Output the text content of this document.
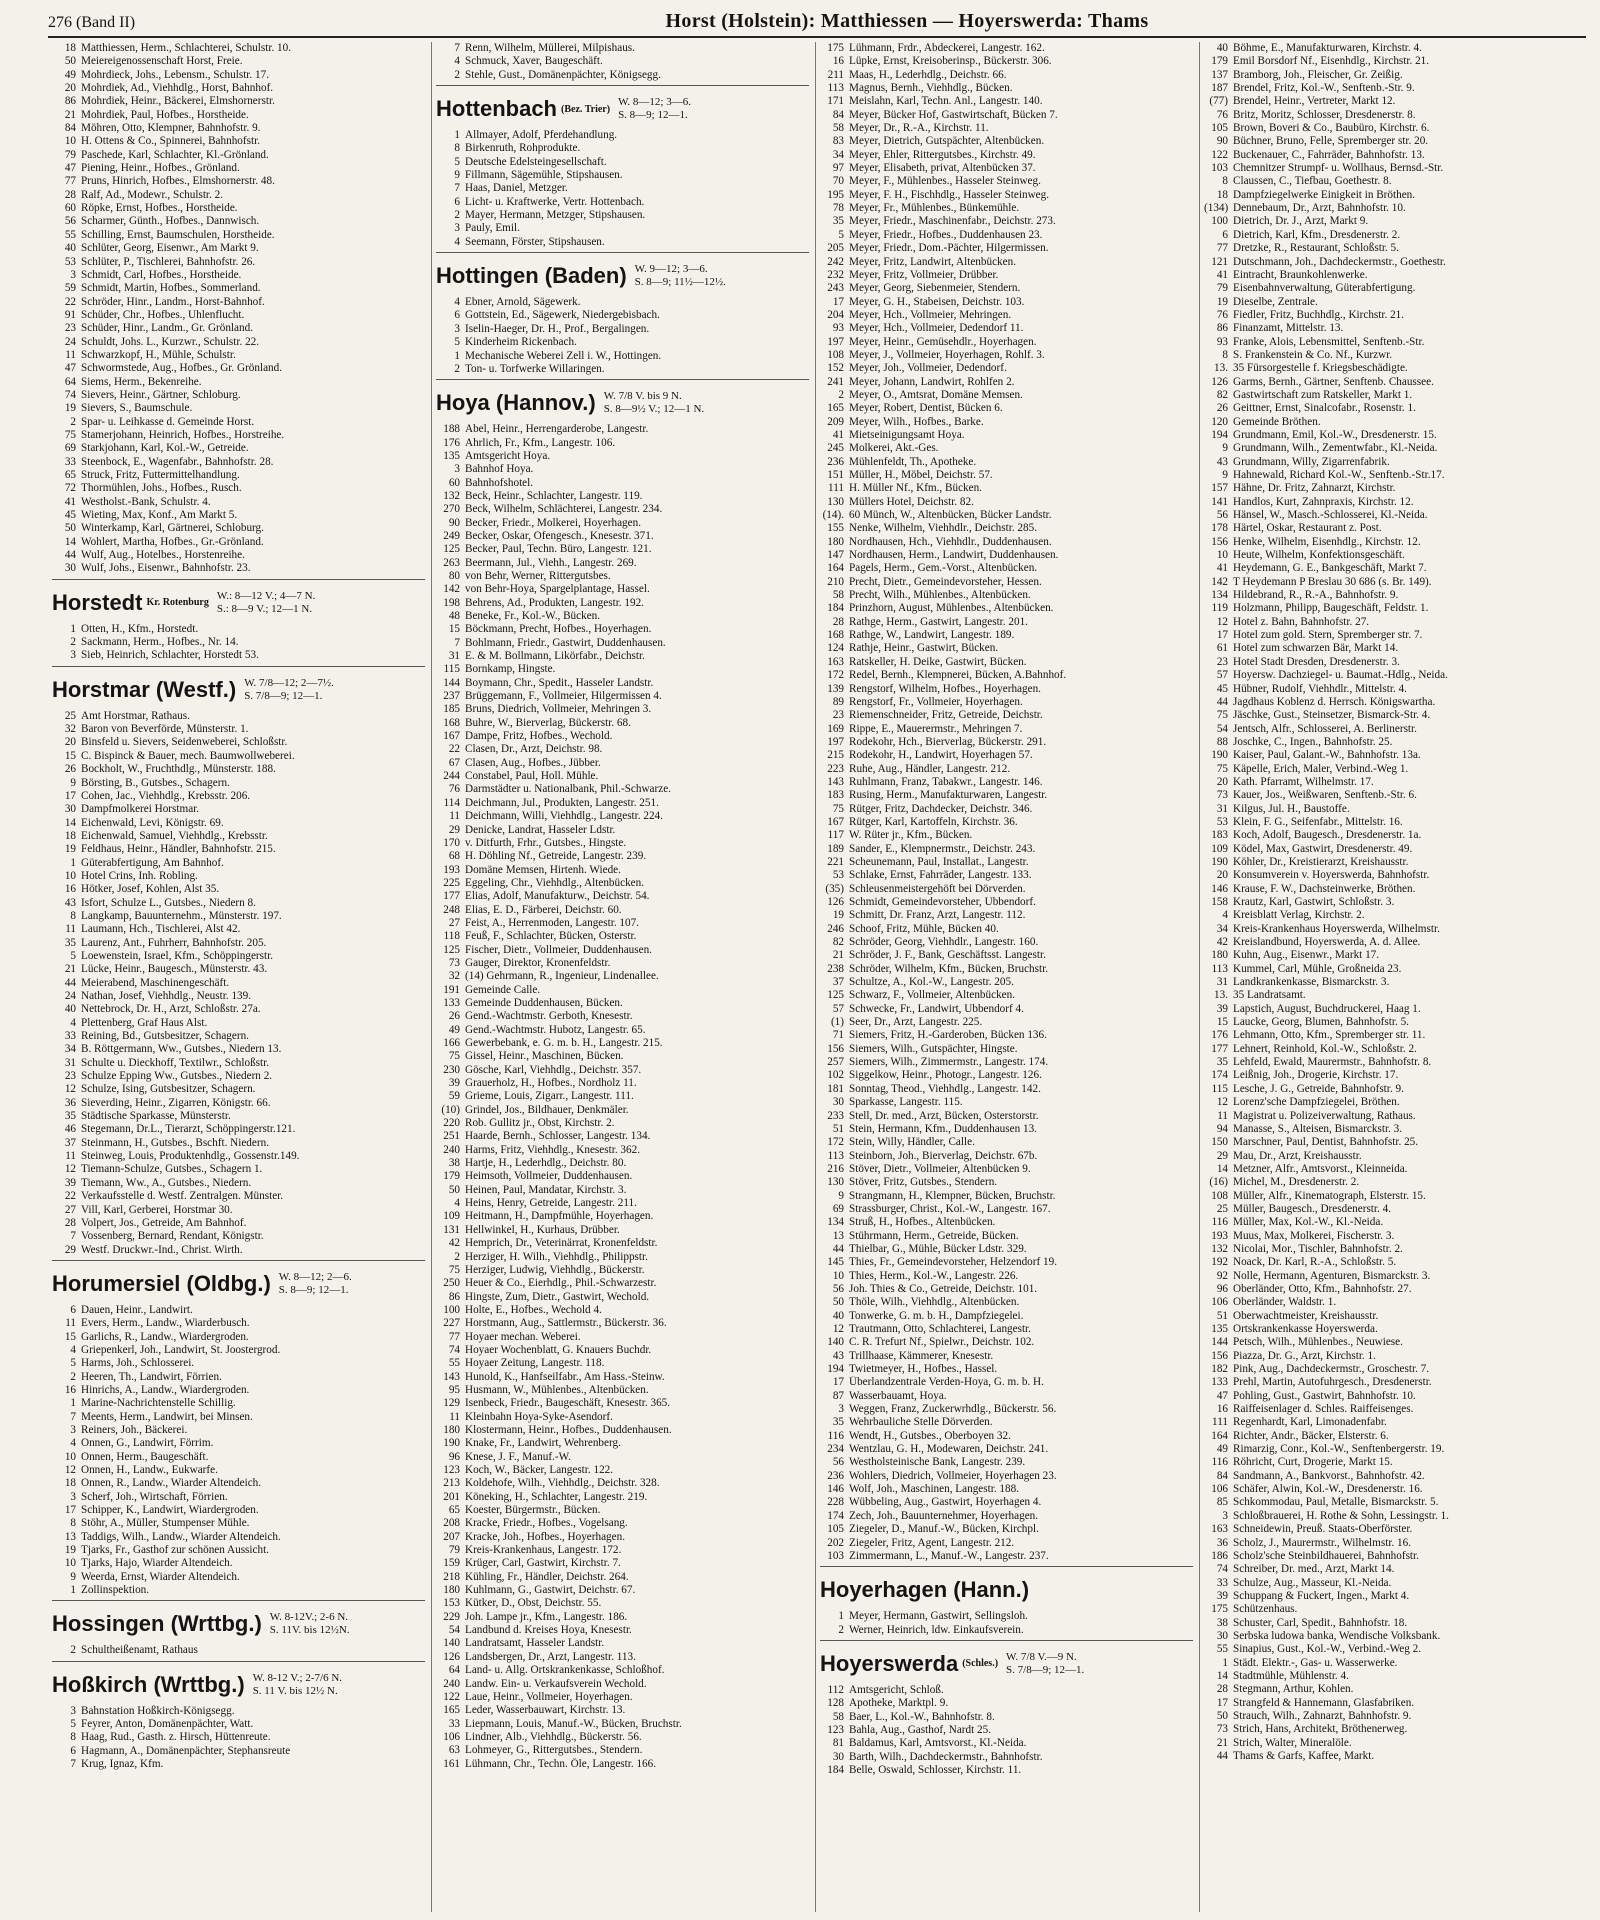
276 (Band II)	Horst (Holstein): Matthiessen — Hoyerswerda: Thams
18 Matthiessen, Herm., Schlachterei, Schulstr. 10.
50 Meiereigenossenschaft Horst, Freie.
49 Mohrdieck, Johs., Lebensm., Schulstr. 17.
20 Mohrdiek, Ad., Viehhdlg., Horst, Bahnhof.
86 Mohrdiek, Heinr., Bäckerei, Elmshornerstr.
21 Mohrdiek, Paul, Hofbes., Horstheide.
84 Möhren, Otto, Klempner, Bahnhofstr. 9.
10 H. Ottens & Co., Spinnerei, Bahnhofstr.
79 Paschede, Karl, Schlachter, Kl.-Grönland.
47 Piening, Heinr., Hofbes., Grönland.
77 Pruns, Hinrich, Hofbes., Elmshornerstr. 48.
28 Ralf, Ad., Modewr., Schulstr. 2.
60 Röpke, Ernst, Hofbes., Horstheide.
56 Scharmer, Günth., Hofbes., Dannwisch.
55 Schilling, Ernst, Baumschulen, Horstheide.
40 Schlüter, Georg, Eisenwr., Am Markt 9.
53 Schlüter, P., Tischlerei, Bahnhofstr. 26.
3 Schmidt, Carl, Hofbes., Horstheide.
59 Schmidt, Martin, Hofbes., Sommerland.
22 Schröder, Hinr., Landm., Horst-Bahnhof.
91 Schüder, Chr., Hofbes., Uhlenflucht.
23 Schüder, Hinr., Landm., Gr. Grönland.
24 Schuldt, Johs. L., Kurzwr., Schulstr. 22.
11 Schwarzkopf, H., Mühle, Schulstr.
47 Schwormstede, Aug., Hofbes., Gr. Grönland.
64 Siems, Herm., Bekenreihe.
74 Sievers, Heinr., Gärtner, Schloburg.
19 Sievers, S., Baumschule.
2 Spar- u. Leihkasse d. Gemeinde Horst.
75 Stamerjohann, Heinrich, Hofbes., Horstreihe.
69 Starkjohann, Karl, Kol.-W., Getreide.
33 Steenbock, E., Wagenfabr., Bahnhofstr. 28.
65 Struck, Fritz, Futtermittelhandlung.
72 Thormühlen, Johs., Hofbes., Rusch.
41 Westholst.-Bank, Schulstr. 4.
45 Wieting, Max, Konf., Am Markt 5.
50 Winterkamp, Karl, Gärtnerei, Schloburg.
14 Wohlert, Martha, Hofbes., Gr.-Grönland.
44 Wulf, Aug., Hotelbes., Horstenreihe.
30 Wulf, Johs., Eisenwr., Bahnhofstr. 23.
Horstedt Kr. Rotenburg
W.: 8—12 V.; 4—7 N.
S.: 8—9 V.; 12—1 N.
1 Otten, H., Kfm., Horstedt.
2 Sackmann, Herm., Hofbes., Nr. 14.
3 Sieb, Heinrich, Schlachter, Horstedt 53.
Horstmar (Westf.) W. 7/8—12; 2—7½.
S. 7/8—9; 12—1.
25 Amt Horstmar, Rathaus.
32 Baron von Beverförde, Münsterstr. 1.
20 Binsfeld u. Sievers, Seidenweberei, Schloßstr.
15 C. Bispinck & Bauer, mech. Baumwollweberei.
26 Bockholt, W., Fruchthdlg., Münsterstr. 188.
9 Börsting, B., Gutsbes., Schagern.
17 Cohen, Jac., Viehhdlg., Krebsstr. 206.
30 Dampfmolkerei Horstmar.
14 Eichenwald, Levi, Königstr. 69.
18 Eichenwald, Samuel, Viehhdlg., Krebsstr.
19 Feldhaus, Heinr., Händler, Bahnhofstr. 215.
1 Güterabfertigung, Am Bahnhof.
10 Hotel Crins, Inh. Robling.
16 Hötker, Josef, Kohlen, Alst 35.
43 Isfort, Schulze L., Gutsbes., Niedern 8.
8 Langkamp, Bauunternehm., Münsterstr. 197.
11 Laumann, Hch., Tischlerei, Alst 42.
35 Laurenz, Ant., Fuhrherr, Bahnhofstr. 205.
5 Loewenstein, Israel, Kfm., Schöppingerstr.
21 Lücke, Heinr., Baugesch., Münsterstr. 43.
44 Meierabend, Maschinengeschäft.
24 Nathan, Josef, Viehhdlg., Neustr. 139.
40 Nettebrock, Dr. H., Arzt, Schloßstr. 27a.
4 Plettenberg, Graf Haus Alst.
33 Reining, Bd., Gutsbesitzer, Schagern.
34 B. Röttgermann, Ww., Gutsbes., Niedern 13.
31 Schulte u. Dieckhoff, Textilwr., Schloßstr.
23 Schulze Epping Ww., Gutsbes., Niedern 2.
12 Schulze, Ising, Gutsbesitzer, Schagern.
36 Sieverding, Heinr., Zigarren, Königstr. 66.
35 Städtische Sparkasse, Münsterstr.
46 Stegemann, Dr.L., Tierarzt, Schöppingerstr.121.
37 Steinmann, H., Gutsbes., Bschft. Niedern.
11 Steinweg, Louis, Produktenhdlg., Gossenstr.149.
12 Tiemann-Schulze, Gutsbes., Schagern 1.
39 Tiemann, Ww., A., Gutsbes., Niedern.
22 Verkaufsstelle d. Westf. Zentralgen. Münster.
27 Vill, Karl, Gerberei, Horstmar 30.
28 Volpert, Jos., Getreide, Am Bahnhof.
7 Vossenberg, Bernard, Rendant, Königstr.
29 Westf. Druckwr.-Ind., Christ. Wirth.
Horumersiel (Oldbg.) W. 8—12; 2—6.
S. 8—9; 12—1.
6 Dauen, Heinr., Landwirt.
11 Evers, Herm., Landw., Wiarderbusch.
15 Garlichs, R., Landw., Wiardergroden.
4 Griepenkerl, Joh., Landwirt, St. Joostergrod.
5 Harms, Joh., Schlosserei.
2 Heeren, Th., Landwirt, Förrien.
16 Hinrichs, A., Landw., Wiardergroden.
1 Marine-Nachrichtenstelle Schillig.
7 Meents, Herm., Landwirt, bei Minsen.
3 Reiners, Joh., Bäckerei.
4 Onnen, G., Landwirt, Förrim.
10 Onnen, Herm., Baugeschäft.
12 Onnen, H., Landw., Eukwarfe.
18 Onnen, R., Landw., Wiarder Altendeich.
3 Scherf, Joh., Wirtschaft, Förrien.
17 Schipper, K., Landwirt, Wiardergroden.
8 Stöhr, A., Müller, Stumpenser Mühle.
13 Taddigs, Wilh., Landw., Wiarder Altendeich.
19 Tjarks, Fr., Gasthof zur schönen Aussicht.
10 Tjarks, Hajo, Wiarder Altendeich.
9 Weerda, Ernst, Wiarder Altendeich.
1 Zollinspektion.
Hossingen (Wrttbg.) W. 8-12V.; 2-6 N.
S. 11V. bis 12½N.
2 Schultheißenamt, Rathaus
Hoßkirch (Wrttbg.) W. 8-12 V.; 2-7/6 N.
S. 11 V. bis 12½ N.
3 Bahnstation Hoßkirch-Königsegg.
5 Feyrer, Anton, Domänenpächter, Watt.
8 Haag, Rud., Gasth. z. Hirsch, Hüttenreute.
6 Hagmann, A., Domänenpächter, Stephansreute
7 Krug, Ignaz, Kfm.
7 Renn, Wilhelm, Müllerei, Milpishaus.
4 Schmuck, Xaver, Baugeschäft.
2 Stehle, Gust., Domänenpächter, Königsegg.
Hottenbach (Bez. Trier)
W. 8—12; 3—6.
S. 8—9; 12—1.
1 Allmayer, Adolf, Pferdehandlung.
8 Birkenruth, Rohprodukte.
5 Deutsche Edelsteingesellschaft.
9 Fillmann, Sägemühle, Stipshausen.
7 Haas, Daniel, Metzger.
6 Licht- u. Kraftwerke, Vertr. Hottenbach.
2 Mayer, Hermann, Metzger, Stipshausen.
3 Pauly, Emil.
4 Seemann, Förster, Stipshausen.
Hottingen (Baden) W. 9—12; 3—6.
S. 8—9; 11½—12½.
4 Ebner, Arnold, Sägewerk.
6 Gottstein, Ed., Sägewerk, Niedergebisbach.
3 Iselin-Haeger, Dr. H., Prof., Bergalingen.
5 Kinderheim Rickenbach.
1 Mechanische Weberei Zell i. W., Hottingen.
2 Ton- u. Torfwerke Willaringen.
Hoya (Hannov.) W. 7/8 V. bis 9 N.
S. 8—9½ V.; 12—1 N.
188 Abel, Heinr., Herrengarderobe, Langestr.
176 Ahrlich, Fr., Kfm., Langestr. 106.
135 Amtsgericht Hoya.
3 Bahnhof Hoya.
60 Bahnhofshotel.
132 Beck, Heinr., Schlachter, Langestr. 119.
270 Beck, Wilhelm, Schlächterei, Langestr. 234.
90 Becker, Friedr., Molkerei, Hoyerhagen.
249 Becker, Oskar, Ofengesch., Knesestr. 371.
125 Becker, Paul, Techn. Büro, Langestr. 121.
263 Beermann, Jul., Viehh., Langestr. 269.
80 von Behr, Werner, Rittergutsbes.
142 von Behr-Hoya, Spargelplantage, Hassel.
198 Behrens, Ad., Produkten, Langestr. 192.
48 Beneke, Fr., Kol.-W., Bücken.
15 Böckmann, Precht, Hofbes., Hoyerhagen.
7 Bohlmann, Friedr., Gastwirt, Duddenhausen.
31 E. & M. Bollmann, Likörfabr., Deichstr.
115 Bornkamp, Hingste.
144 Boymann, Chr., Spedit., Hasseler Landstr.
237 Brüggemann, F., Vollmeier, Hilgermissen 4.
185 Bruns, Diedrich, Vollmeier, Mehringen 3.
168 Buhre, W., Bierverlag, Bückerstr. 68.
167 Dampe, Fritz, Hofbes., Wechold.
22 Clasen, Dr., Arzt, Deichstr. 98.
67 Clasen, Aug., Hofbes., Jübber.
244 Constabel, Paul, Holl. Mühle.
76 Darmstädter u. Nationalbank, Phil.-Schwarze.
114 Deichmann, Jul., Produkten, Langestr. 251.
11 Deichmann, Willi, Viehhdlg., Langestr. 224.
29 Denicke, Landrat, Hasseler Ldstr.
170 v. Ditfurth, Frhr., Gutsbes., Hingste.
68 H. Döhling Nf., Getreide, Langestr. 239.
193 Domäne Memsen, Hirtenh. Wiede.
225 Eggeling, Chr., Viehhdlg., Altenbücken.
177 Elias, Adolf, Manufakturw., Deichstr. 54.
248 Elias, E. D., Färberei, Deichstr. 60.
27 Feist, A., Herrenmoden, Langestr. 107.
118 Feuß, F., Schlachter, Bücken, Osterstr.
125 Fischer, Dietr., Vollmeier, Duddenhausen.
73 Gauger, Direktor, Kronenfeldstr.
32 (14) Gehrmann, R., Ingenieur, Lindenallee.
191 Gemeinde Calle.
133 Gemeinde Duddenhausen, Bücken.
26 Gend.-Wachtmstr. Gerboth, Knesestr.
49 Gend.-Wachtmstr. Hubotz, Langestr. 65.
166 Gewerbebank, e. G. m. b. H., Langestr. 215.
75 Gissel, Heinr., Maschinen, Bücken.
230 Gösche, Karl, Viehhdlg., Deichstr. 357.
39 Grauerholz, H., Hofbes., Nordholz 11.
59 Grieme, Louis, Zigarr., Langestr. 111.
(10) Grindel, Jos., Bildhauer, Denkmäler.
220 Rob. Gullitz jr., Obst, Kirchstr. 2.
251 Haarde, Bernh., Schlosser, Langestr. 134.
240 Harms, Fritz, Viehhdlg., Knesestr. 362.
38 Hartje, H., Lederhdlg., Deichstr. 80.
179 Heimsoth, Vollmeier, Duddenhausen.
50 Heinen, Paul, Mandatar, Kirchstr. 3.
4 Heins, Henry, Getreide, Langestr. 211.
109 Heitmann, H., Dampfmühle, Hoyerhagen.
131 Hellwinkel, H., Kurhaus, Drübber.
42 Hemprich, Dr., Veterinärrat, Kronenfeldstr.
2 Herziger, H. Wilh., Viehhdlg., Philippstr.
75 Herziger, Ludwig, Viehhdlg., Bückerstr.
250 Heuer & Co., Eierhdlg., Phil.-Schwarzestr.
86 Hingste, Zum, Dietr., Gastwirt, Wechold.
100 Holte, E., Hofbes., Wechold 4.
227 Horstmann, Aug., Sattlermstr., Bückerstr. 36.
77 Hoyaer mechan. Weberei.
74 Hoyaer Wochenblatt, G. Knauers Buchdr.
55 Hoyaer Zeitung, Langestr. 118.
143 Hunold, K., Hanfseilfabr., Am Hass.-Steinw.
95 Husmann, W., Mühlenbes., Altenbücken.
129 Isenbeck, Friedr., Baugeschäft, Knesestr. 365.
11 Kleinbahn Hoya-Syke-Asendorf.
180 Klostermann, Heinr., Hofbes., Duddenhausen.
190 Knake, Fr., Landwirt, Wehrenberg.
96 Knese, J. F., Manuf.-W.
123 Koch, W., Bäcker, Langestr. 122.
213 Koldehofe, Wilh., Viehhdlg., Deichstr. 328.
201 Köneking, H., Schlachter, Langestr. 219.
65 Koester, Bürgermstr., Bücken.
208 Kracke, Friedr., Hofbes., Vogelsang.
207 Kracke, Joh., Hofbes., Hoyerhagen.
79 Kreis-Krankenhaus, Langestr. 172.
159 Krüger, Carl, Gastwirt, Kirchstr. 7.
218 Kühling, Fr., Händler, Deichstr. 264.
180 Kuhlmann, G., Gastwirt, Deichstr. 67.
153 Kütker, D., Obst, Deichstr. 55.
229 Joh. Lampe jr., Kfm., Langestr. 186.
54 Landbund d. Kreises Hoya, Knesestr.
140 Landratsamt, Hasseler Landstr.
126 Landsbergen, Dr., Arzt, Langestr. 113.
64 Land- u. Allg. Ortskrankenkasse, Schloßhof.
240 Landw. Ein- u. Verkaufsverein Wechold.
122 Laue, Heinr., Vollmeier, Hoyerhagen.
165 Leder, Wasserbauwart, Kirchstr. 13.
33 Liepmann, Louis, Manuf.-W., Bücken, Bruchstr.
106 Lindner, Alb., Viehhdlg., Bückerstr. 56.
63 Lohmeyer, G., Rittergutsbes., Stendern.
161 Lühmann, Chr., Techn. Öle, Langestr. 166.
175 Lühmann, Frdr., Abdeckerei, Langestr. 162.
16 Lüpke, Ernst, Kreisoberinsp., Bückerstr. 306.
211 Maas, H., Lederhdlg., Deichstr. 66.
113 Magnus, Bernh., Viehhdlg., Bücken.
171 Meislahn, Karl, Techn. Anl., Langestr. 140.
84 Meyer, Bücker Hof, Gastwirtschaft, Bücken 7.
58 Meyer, Dr., R.-A., Kirchstr. 11.
83 Meyer, Dietrich, Gutspächter, Altenbücken.
34 Meyer, Ehler, Rittergutsbes., Kirchstr. 49.
97 Meyer, Elisabeth, privat, Altenbücken 37.
70 Meyer, F., Mühlenbes., Hasseler Steinweg.
195 Meyer, F. H., Fischhdlg., Hasseler Steinweg.
78 Meyer, Fr., Mühlenbes., Bünkemühle.
35 Meyer, Friedr., Maschinenfabr., Deichstr. 273.
5 Meyer, Friedr., Hofbes., Duddenhausen 23.
205 Meyer, Friedr., Dom.-Pächter, Hilgermissen.
242 Meyer, Fritz, Landwirt, Altenbücken.
232 Meyer, Fritz, Vollmeier, Drübber.
243 Meyer, Georg, Siebenmeier, Stendern.
17 Meyer, G. H., Stabeisen, Deichstr. 103.
204 Meyer, Hch., Vollmeier, Mehringen.
93 Meyer, Hch., Vollmeier, Dedendorf 11.
197 Meyer, Heinr., Gemüsehdlr., Hoyerhagen.
108 Meyer, J., Vollmeier, Hoyerhagen, Rohlf. 3.
152 Meyer, Joh., Vollmeier, Dedendorf.
241 Meyer, Johann, Landwirt, Rohlfen 2.
2 Meyer, O., Amtsrat, Domäne Memsen.
165 Meyer, Robert, Dentist, Bücken 6.
209 Meyer, Wilh., Hofbes., Barke.
41 Mietseinigungsamt Hoya.
245 Molkerei, Akt.-Ges.
236 Mühlenfeldt, Th., Apotheke.
151 Müller, H., Möbel, Deichstr. 57.
111 H. Müller Nf., Kfm., Bücken.
130 Müllers Hotel, Deichstr. 82.
(14). 60 Münch, W., Altenbücken, Bücker Landstr.
155 Nenke, Wilhelm, Viehhdlr., Deichstr. 285.
180 Nordhausen, Hch., Viehhdlr., Duddenhausen.
147 Nordhausen, Herm., Landwirt, Duddenhausen.
164 Pagels, Herm., Gem.-Vorst., Altenbücken.
210 Precht, Dietr., Gemeindevorsteher, Hessen.
58 Precht, Wilh., Mühlenbes., Altenbücken.
184 Prinzhorn, August, Mühlenbes., Altenbücken.
28 Rathge, Herm., Gastwirt, Langestr. 201.
168 Rathge, W., Landwirt, Langestr. 189.
124 Rathje, Heinr., Gastwirt, Bücken.
163 Ratskeller, H. Deike, Gastwirt, Bücken.
172 Redel, Bernh., Klempnerei, Bücken, A.Bahnhof.
139 Rengstorf, Wilhelm, Hofbes., Hoyerhagen.
89 Rengstorf, Fr., Vollmeier, Hoyerhagen.
23 Riemenschneider, Fritz, Getreide, Deichstr.
169 Rippe, E., Mauerermstr., Mehringen 7.
197 Rodekohr, Hch., Bierverlag, Bückerstr. 291.
215 Rodekohr, H., Landwirt, Hoyerhagen 57.
223 Ruhe, Aug., Händler, Langestr. 212.
143 Ruhlmann, Franz, Tabakwr., Langestr. 146.
183 Rusing, Herm., Manufakturwaren, Langestr.
75 Rütger, Fritz, Dachdecker, Deichstr. 346.
167 Rütger, Karl, Kartoffeln, Kirchstr. 36.
117 W. Rüter jr., Kfm., Bücken.
189 Sander, E., Klempnermstr., Deichstr. 243.
221 Scheunemann, Paul, Installat., Langestr.
53 Schlake, Ernst, Fahrräder, Langestr. 133.
(35) Schleusenmeistergehöft bei Dörverden.
126 Schmidt, Gemeindevorsteher, Ubbendorf.
19 Schmitt, Dr. Franz, Arzt, Langestr. 112.
246 Schoof, Fritz, Mühle, Bücken 40.
82 Schröder, Georg, Viehhdlr., Langestr. 160.
21 Schröder, J. F., Bank, Geschäftsst. Langestr.
238 Schröder, Wilhelm, Kfm., Bücken, Bruchstr.
37 Schultze, A., Kol.-W., Langestr. 205.
125 Schwarz, F., Vollmeier, Altenbücken.
57 Schwecke, Fr., Landwirt, Ubbendorf 4.
(1) Seer, Dr., Arzt, Langestr. 225.
71 Siemers, Fritz, H.-Garderoben, Bücken 136.
156 Siemers, Wilh., Gutspächter, Hingste.
257 Siemers, Wilh., Zimmermstr., Langestr. 174.
102 Siggelkow, Heinr., Photogr., Langestr. 126.
181 Sonntag, Theod., Viehhdlg., Langestr. 142.
30 Sparkasse, Langestr. 115.
233 Stell, Dr. med., Arzt, Bücken, Osterstorstr.
51 Stein, Hermann, Kfm., Duddenhausen 13.
172 Stein, Willy, Händler, Calle.
113 Steinborn, Joh., Bierverlag, Deichstr. 67b.
216 Stöver, Dietr., Vollmeier, Altenbücken 9.
130 Stöver, Fritz, Gutsbes., Stendern.
9 Strangmann, H., Klempner, Bücken, Bruchstr.
69 Strassburger, Christ., Kol.-W., Langestr. 167.
134 Struß, H., Hofbes., Altenbücken.
13 Stührmann, Herm., Getreide, Bücken.
44 Thielbar, G., Mühle, Bücker Ldstr. 329.
145 Thies, Fr., Gemeindevorsteher, Helzendorf 19.
10 Thies, Herm., Kol.-W., Langestr. 226.
56 Joh. Thies & Co., Getreide, Deichstr. 101.
50 Thöle, Wilh., Viehhdlg., Altenbücken.
40 Tonwerke, G. m. b. H., Dampfziegelei.
12 Trautmann, Otto, Schlachterei, Langestr.
140 C. R. Trefurt Nf., Spielwr., Deichstr. 102.
43 Trillhaase, Kämmerer, Knesestr.
194 Twietmeyer, H., Hofbes., Hassel.
17 Überlandzentrale Verden-Hoya, G. m. b. H.
87 Wasserbauamt, Hoya.
3 Weggen, Franz, Zuckerwrhdlg., Bückerstr. 56.
35 Wehrbauliche Stelle Dörverden.
116 Wendt, H., Gutsbes., Oberboyen 32.
234 Wentzlau, G. H., Modewaren, Deichstr. 241.
56 Westholsteinische Bank, Langestr. 239.
236 Wohlers, Diedrich, Vollmeier, Hoyerhagen 23.
146 Wolf, Joh., Maschinen, Langestr. 188.
228 Wübbeling, Aug., Gastwirt, Hoyerhagen 4.
174 Zech, Joh., Bauunternehmer, Hoyerhagen.
105 Ziegeler, D., Manuf.-W., Bücken, Kirchpl.
202 Ziegeler, Fritz, Agent, Langestr. 212.
103 Zimmermann, L., Manuf.-W., Langestr. 237.
Hoyerhagen (Hann.)
1 Meyer, Hermann, Gastwirt, Sellingsloh.
2 Werner, Heinrich, ldw. Einkaufsverein.
Hoyerswerda (Schles.)
W. 7/8 V.—9 N.
S. 7/8—9; 12—1.
112 Amtsgericht, Schloß.
128 Apotheke, Marktpl. 9.
58 Baer, L., Kol.-W., Bahnhofstr. 8.
123 Bahla, Aug., Gasthof, Nardt 25.
81 Baldamus, Karl, Amtsvorst., Kl.-Neida.
30 Barth, Wilh., Dachdeckermstr., Bahnhofstr.
184 Belle, Oswald, Schlosser, Kirchstr. 11.
40 Böhme, E., Manufakturwaren, Kirchstr. 4.
179 Emil Borsdorf Nf., Eisenhdlg., Kirchstr. 21.
137 Bramborg, Joh., Fleischer, Gr. Zeißig.
187 Brendel, Fritz, Kol.-W., Senftenb.-Str. 9.
(77) Brendel, Heinr., Vertreter, Markt 12.
76 Britz, Moritz, Schlosser, Dresdenerstr. 8.
105 Brown, Boveri & Co., Baubüro, Kirchstr. 6.
90 Büchner, Bruno, Felle, Spremberger str. 20.
122 Buckenauer, C., Fahrräder, Bahnhofstr. 13.
103 Chemnitzer Strumpf- u. Wollhaus, Bernsd.-Str.
8 Claussen, C., Tiefbau, Goethestr. 8.
18 Dampfziegelwerke Einigkeit in Bröthen.
(134) Dennebaum, Dr., Arzt, Bahnhofstr. 10.
100 Dietrich, Dr. J., Arzt, Markt 9.
6 Dietrich, Karl, Kfm., Dresdenerstr. 2.
77 Dretzke, R., Restaurant, Schloßstr. 5.
121 Dutschmann, Joh., Dachdeckermstr., Goethestr.
41 Eintracht, Braunkohlenwerke.
79 Eisenbahnverwaltung, Güterabfertigung.
19 Dieselbe, Zentrale.
76 Fiedler, Fritz, Buchhdlg., Kirchstr. 21.
86 Finanzamt, Mittelstr. 13.
93 Franke, Alois, Lebensmittel, Senftenb.-Str.
8 S. Frankenstein & Co. Nf., Kurzwr.
13. 35 Fürsorgestelle f. Kriegsbeschädigte.
126 Garms, Bernh., Gärtner, Senftenb. Chaussee.
82 Gastwirtschaft zum Ratskeller, Markt 1.
26 Geittner, Ernst, Sinalcofabr., Rosenstr. 1.
120 Gemeinde Bröthen.
194 Grundmann, Emil, Kol.-W., Dresdenerstr. 15.
9 Grundmann, Wilh., Zementwfabr., Kl.-Neida.
43 Grundmann, Willy, Zigarrenfabrik.
9 Hahnewald, Richard Kol.-W., Senftenb.-Str.17.
157 Hähne, Dr. Fritz, Zahnarzt, Kirchstr.
141 Handlos, Kurt, Zahnpraxis, Kirchstr. 12.
56 Hänsel, W., Masch.-Schlosserei, Kl.-Neida.
178 Härtel, Oskar, Restaurant z. Post.
156 Henke, Wilhelm, Eisenhdlg., Kirchstr. 12.
10 Heute, Wilhelm, Konfektionsgeschäft.
41 Heydemann, G. E., Bankgeschäft, Markt 7.
142 T Heydemann P Breslau 30 686 (s. Br. 149).
134 Hildebrand, R., R.-A., Bahnhofstr. 9.
119 Holzmann, Philipp, Baugeschäft, Feldstr. 1.
12 Hotel z. Bahn, Bahnhofstr. 27.
17 Hotel zum gold. Stern, Spremberger str. 7.
61 Hotel zum schwarzen Bär, Markt 14.
23 Hotel Stadt Dresden, Dresdenerstr. 3.
57 Hoyersw. Dachziegel- u. Baumat.-Hdlg., Neida.
45 Hübner, Rudolf, Viehhdlr., Mittelstr. 4.
44 Jagdhaus Koblenz d. Herrsch. Königswartha.
75 Jäschke, Gust., Steinsetzer, Bismarck-Str. 4.
54 Jentsch, Alfr., Schlosserei, A. Berlinerstr.
88 Joschke, C., Ingen., Bahnhofstr. 25.
190 Kaiser, Paul, Galant.-W., Bahnhofstr. 13a.
75 Käpelle, Erich, Maler, Verbind.-Weg 1.
20 Kath. Pfarramt, Wilhelmstr. 17.
73 Kauer, Jos., Weißwaren, Senftenb.-Str. 6.
31 Kilgus, Jul. H., Baustoffe.
53 Klein, F. G., Seifenfabr., Mittelstr. 16.
183 Koch, Adolf, Baugesch., Dresdenerstr. 1a.
109 Ködel, Max, Gastwirt, Dresdenerstr. 49.
190 Köhler, Dr., Kreistierarzt, Kreishausstr.
20 Konsumverein v. Hoyerswerda, Bahnhofstr.
146 Krause, F. W., Dachsteinwerke, Bröthen.
158 Krautz, Karl, Gastwirt, Schloßstr. 3.
4 Kreisblatt Verlag, Kirchstr. 2.
34 Kreis-Krankenhaus Hoyerswerda, Wilhelmstr.
42 Kreislandbund, Hoyerswerda, A. d. Allee.
180 Kuhn, Aug., Eisenwr., Markt 17.
113 Kummel, Carl, Mühle, Großneida 23.
31 Landkrankenkasse, Bismarckstr. 3.
13. 35 Landratsamt.
39 Lapstich, August, Buchdruckerei, Haag 1.
15 Laucke, Georg, Blumen, Bahnhofstr. 5.
176 Lehmann, Otto, Kfm., Spremberger str. 11.
177 Lehnert, Reinhold, Kol.-W., Schloßstr. 2.
35 Lehfeld, Ewald, Maurermstr., Bahnhofstr. 8.
174 Leißnig, Joh., Drogerie, Kirchstr. 17.
115 Lesche, J. G., Getreide, Bahnhofstr. 9.
12 Lorenz'sche Dampfziegelei, Bröthen.
11 Magistrat u. Polizeiverwaltung, Rathaus.
94 Manasse, S., Alteisen, Bismarckstr. 3.
150 Marschner, Paul, Dentist, Bahnhofstr. 25.
29 Mau, Dr., Arzt, Kreishausstr.
14 Metzner, Alfr., Amtsvorst., Kleinneida.
(16) Michel, M., Dresdenerstr. 2.
108 Müller, Alfr., Kinematograph, Elsterstr. 15.
25 Müller, Baugesch., Dresdenerstr. 4.
116 Müller, Max, Kol.-W., Kl.-Neida.
193 Muus, Max, Molkerei, Fischerstr. 3.
132 Nicolai, Mor., Tischler, Bahnhofstr. 2.
192 Noack, Dr. Karl, R.-A., Schloßstr. 5.
92 Nolle, Hermann, Agenturen, Bismarckstr. 3.
96 Oberländer, Otto, Kfm., Bahnhofstr. 27.
106 Oberländer, Waldstr. 1.
51 Oberwachtmeister, Kreishausstr.
135 Ortskrankenkasse Hoyerswerda.
144 Petsch, Wilh., Mühlenbes., Neuwiese.
156 Piazza, Dr. G., Arzt, Kirchstr. 1.
182 Pink, Aug., Dachdeckermstr., Groschestr. 7.
133 Prehl, Martin, Autofuhrgesch., Dresdenerstr.
47 Pohling, Gust., Gastwirt, Bahnhofstr. 10.
16 Raiffeisenlager d. Schles. Raiffeisenges.
111 Regenhardt, Karl, Limonadenfabr.
164 Richter, Andr., Bäcker, Elsterstr. 6.
49 Rimarzig, Conr., Kol.-W., Senftenbergerstr. 19.
116 Röhricht, Curt, Drogerie, Markt 15.
84 Sandmann, A., Bankvorst., Bahnhofstr. 42.
106 Schäfer, Alwin, Kol.-W., Dresdenerstr. 16.
85 Schkommodau, Paul, Metalle, Bismarckstr. 5.
3 Schloßbrauerei, H. Rothe & Sohn, Lessingstr. 1.
163 Schneidewin, Preuß. Staats-Oberförster.
36 Scholz, J., Maurermstr., Wilhelmstr. 16.
186 Scholz'sche Steinbildhauerei, Bahnhofstr.
74 Schreiber, Dr. med., Arzt, Markt 14.
33 Schulze, Aug., Masseur, Kl.-Neida.
39 Schuppang & Fuckert, Ingen., Markt 4.
175 Schützenhaus.
38 Schuster, Carl, Spedit., Bahnhofstr. 18.
30 Serbska ludowa banka, Wendische Volksbank.
55 Sinapius, Gust., Kol.-W., Verbind.-Weg 2.
1 Städt. Elektr.-, Gas- u. Wasserwerke.
14 Stadtmühle, Mühlenstr. 4.
28 Stegmann, Arthur, Kohlen.
17 Strangfeld & Hannemann, Glasfabriken.
50 Strauch, Wilh., Zahnarzt, Bahnhofstr. 9.
73 Strich, Hans, Architekt, Bröthenerweg.
21 Strich, Walter, Mineralöle.
44 Thams & Garfs, Kaffee, Markt.
